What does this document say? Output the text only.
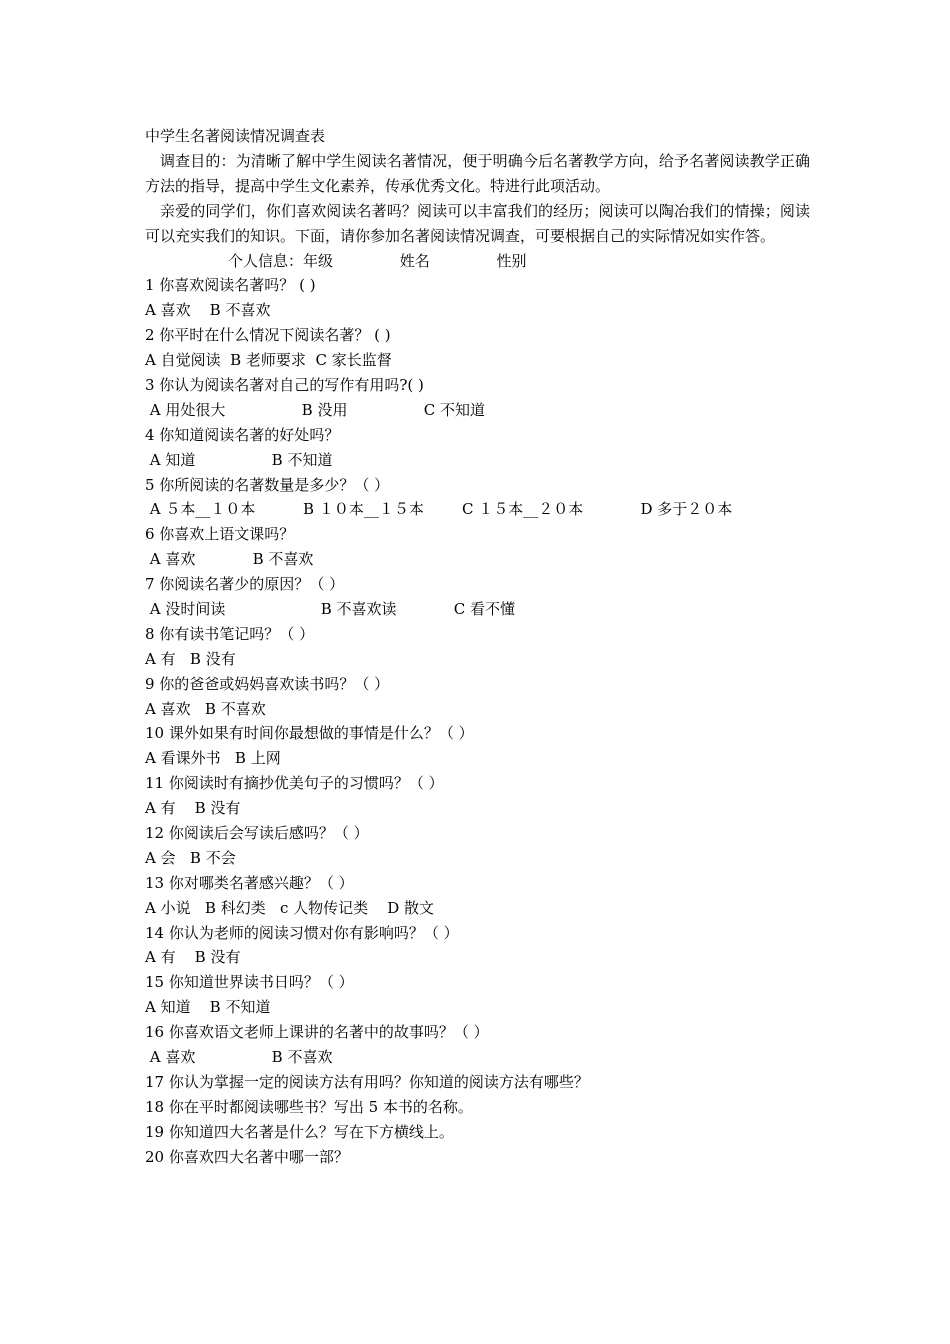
中学生名著阅读情况调查表
调查目的：为清晰了解中学生阅读名著情况，便于明确今后名著教学方向，给予名著阅读教学正确方法的指导，提高中学生文化素养，传承优秀文化。特进行此项活动。
亲爱的同学们，你们喜欢阅读名著吗？阅读可以丰富我们的经历；阅读可以陶冶我们的情操；阅读可以充实我们的知识。下面，请你参加名著阅读情况调查，可要根据自己的实际情况如实作答。
个人信息：年级              姓名              性别
1 你喜欢阅读名著吗？ ( )
A 喜欢    B 不喜欢
2 你平时在什么情况下阅读名著？ ( )
A 自觉阅读  B 老师要求  C 家长监督
3 你认为阅读名著对自己的写作有用吗?( )
A 用处很大                B 没用                C 不知道
4 你知道阅读名著的好处吗？
A 知道                B 不知道
5 你所阅读的名著数量是多少？（ ）
A ５本__１０本          B １０本__１５本        C １５本__２０本            D 多于２０本
6 你喜欢上语文课吗？
A 喜欢            B 不喜欢
7 你阅读名著少的原因？（ ）
A 没时间读                    B 不喜欢读            C 看不懂
8 你有读书笔记吗？（ ）
A 有   B 没有
9 你的爸爸或妈妈喜欢读书吗？（ ）
A 喜欢   B 不喜欢
10 课外如果有时间你最想做的事情是什么？（ ）
A 看课外书   B 上网
11 你阅读时有摘抄优美句子的习惯吗？（ ）
A 有    B 没有
12 你阅读后会写读后感吗？（ ）
A 会   B 不会
13 你对哪类名著感兴趣？（ ）
A 小说   B 科幻类   c 人物传记类    D 散文
14 你认为老师的阅读习惯对你有影响吗？（ ）
A 有    B 没有
15 你知道世界读书日吗？（ ）
A 知道    B 不知道
16 你喜欢语文老师上课讲的名著中的故事吗？（ ）
A 喜欢                B 不喜欢
17 你认为掌握一定的阅读方法有用吗？你知道的阅读方法有哪些？
18 你在平时都阅读哪些书？写出 5 本书的名称。
19 你知道四大名著是什么？写在下方横线上。
20 你喜欢四大名著中哪一部？
